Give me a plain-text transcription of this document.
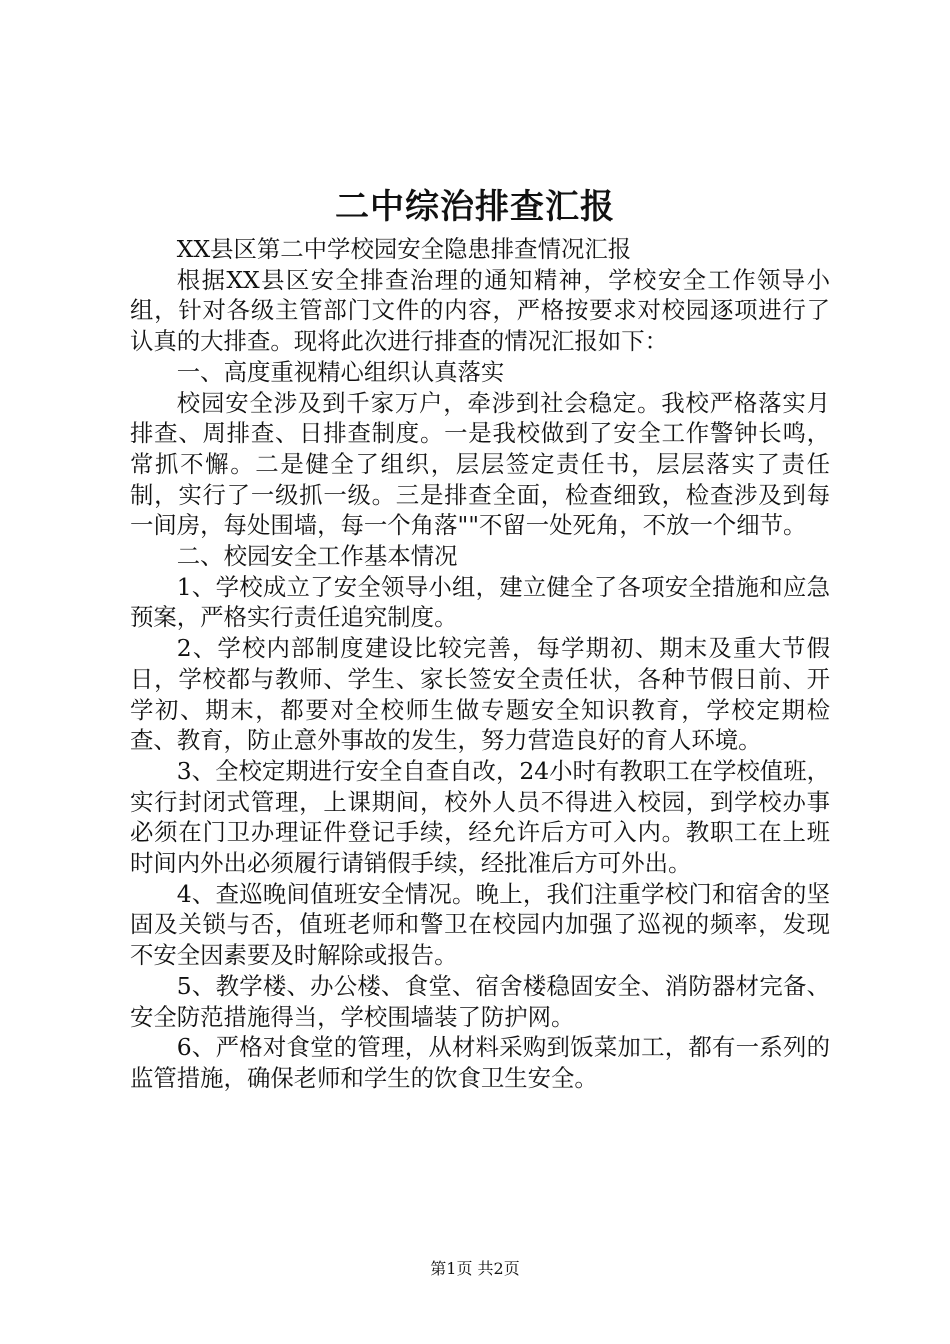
二中综治排查汇报

XX县区第二中学校园安全隐患排查情况汇报

根据XX县区安全排查治理的通知精神，学校安全工作领导小组，针对各级主管部门文件的内容，严格按要求对校园逐项进行了认真的大排查。现将此次进行排查的情况汇报如下：

一、高度重视精心组织认真落实

校园安全涉及到千家万户，牵涉到社会稳定。我校严格落实月排查、周排查、日排查制度。一是我校做到了安全工作警钟长鸣，常抓不懈。二是健全了组织，层层签定责任书，层层落实了责任制，实行了一级抓一级。三是排查全面，检查细致，检查涉及到每一间房，每处围墙，每一个角落""不留一处死角，不放一个细节。

二、校园安全工作基本情况

1、学校成立了安全领导小组，建立健全了各项安全措施和应急预案，严格实行责任追究制度。

2、学校内部制度建设比较完善，每学期初、期末及重大节假日，学校都与教师、学生、家长签安全责任状，各种节假日前、开学初、期末，都要对全校师生做专题安全知识教育，学校定期检查、教育，防止意外事故的发生，努力营造良好的育人环境。

3、全校定期进行安全自查自改，24小时有教职工在学校值班，实行封闭式管理，上课期间，校外人员不得进入校园，到学校办事必须在门卫办理证件登记手续，经允许后方可入内。教职工在上班时间内外出必须履行请销假手续，经批准后方可外出。

4、查巡晚间值班安全情况。晚上，我们注重学校门和宿舍的坚固及关锁与否，值班老师和警卫在校园内加强了巡视的频率，发现不安全因素要及时解除或报告。

5、教学楼、办公楼、食堂、宿舍楼稳固安全、消防器材完备、安全防范措施得当，学校围墙装了防护网。

6、严格对食堂的管理，从材料采购到饭菜加工，都有一系列的监管措施，确保老师和学生的饮食卫生安全。

第1页 共2页
